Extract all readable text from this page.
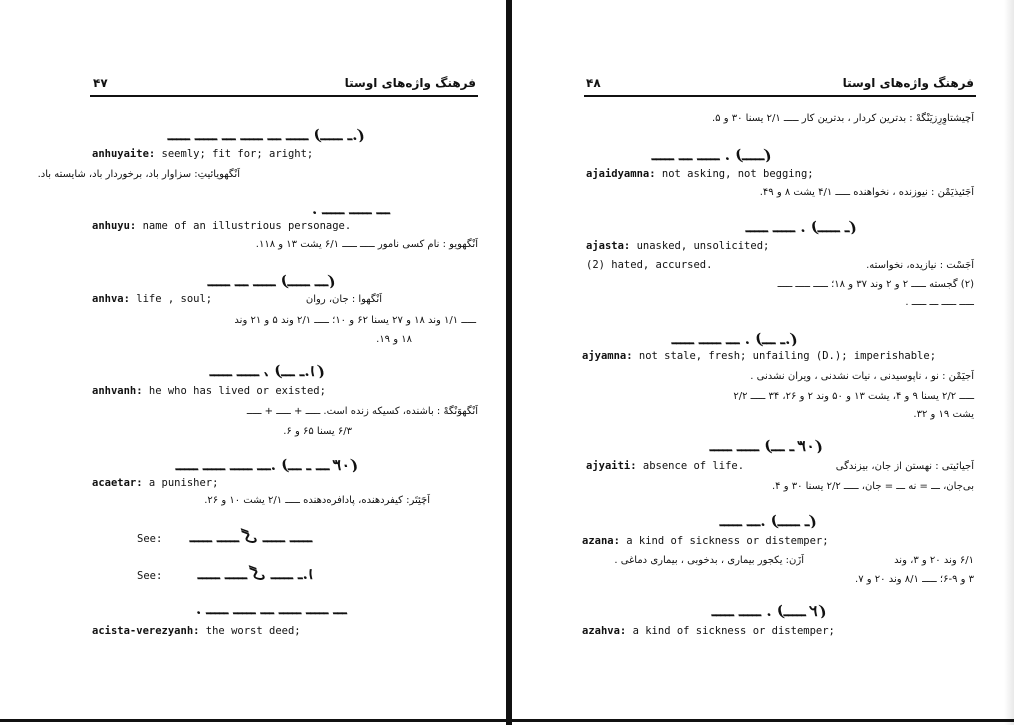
۴۷	فرهنگ واژه‌های اوستا
ـــــ ـــــ ـــ ـــــ ـــ ـــــ (ـــــ ـ.)
anhuyaite: seemly; fit for; aright;
اَنْگهویائیتِ: سزاوار باد، برخوردار باد، شایسته باد.
ـــــ ـــــ ـــ .
anhuyu: name of an illustrious personage.
اَنْگهویو : نام کسی نامور ـــــ ـــــ ۶/۱ یشت ۱۳ و ۱۱۸.
ـــــ ـــ ـــــ (ـــــ ـــ)
anhva: life , soul;	اَنْگهوا : جان، روان
ـــــ ۱/۱ وند ۱۸ و ۲۷ یسنا ۶۲ و ۱۰؛ ـــــ ۲/۱ وند ۵ و ۲۱ وند
۱۸ و ۱۹.
ـــــ ـــــ ، (ـــ ـ.۱)
anhvanh: he who has lived or existed;
اَنْگهوَنْگهْ : باشنده، کسیکه زنده است. ـــــ + ـــــ + ـــــ
۶/۳ یسنا ۶۵ و ۶.
ـــــ ـــــ ـــــ ـــ. (ـــ ـ ـــ ۰۳)
acaetar: a punisher;
اَچَئِتَر: کیفردهنده، پادافره‌دهنده ـــــ ۲/۱ یشت ۱۰ و ۲۶.
See: ـــــ ـــــ گ ـــــ ـــــ
See:	ـــــ ـــــ گ ـــــ ـ.۱
ـــــ ـــــ ـــ ـــــ ـــــ ـــ .
acista-verezyanh: the worst deed;
۴۸	فرهنگ واژه‌های اوستا
اَچیشتاوِرِزیَنْگهْ : بدترین کردار ، بدترین کار ـــــ ۲/۱ یسنا ۳۰ و ۵.
ـــــ ـــ ـــــ . (ـــــ)
ajaidyamna: not asking, not begging;
اَجَئیذیَمْن : نیوزنده ، نخواهنده ـــــ ۴/۱ یشت ۸ و ۴۹.
ـــــ ـــــ . (ـــــ ـ)
ajasta: unasked, unsolicited;
(2) hated, accursed.	اَجَسْت : نیازیده، نخواسته.
(۲) گجسته ـــــ ۲ و ۲ وند ۳۷ و ۱۸؛ ـــــ ـــــ ـــــ
ـــــ ـــــ ـــ ـــــ .
ـــــ ـــــ ـــ . (ـــ ـ.)
ajyamna: not stale, fresh; unfailing (D.); imperishable;
اَجیَمْن : نو ، ناپوسیدنی ، نیات نشدنی ، ویران نشدنی .
ـــــ ۲/۲ یسنا ۹ و ۴، یشت ۱۳ و ۵۰ وند ۲ و ۲۶، ۳۴ ـــــ ۲/۲
یشت ۱۹ و ۳۲.
ـــــ ـــــ (ـــ ـ ۰۳)
ajyaiti: absence of life.	اَجیائیتی : نهستن از جان، بیزندگی
بی‌جان، ـــ = نه ـــ = جان، ـــــ ۲/۲ یسنا ۳۰ و ۴.
ـــــ ـــ. (ـــــ ـ)
azana: a kind of sickness or distemper;
اَزَن: یکجور بیماری ، بدخوبی ، بیماری دماغی .	۶/۱ وند ۲۰ و ۳، وند
۳ و ۹-۶؛ ـــــ ۸/۱ وند ۲۰ و ۷.
ـــــ ـــــ . (ـــــ ٢)
azahva: a kind of sickness or distemper;
